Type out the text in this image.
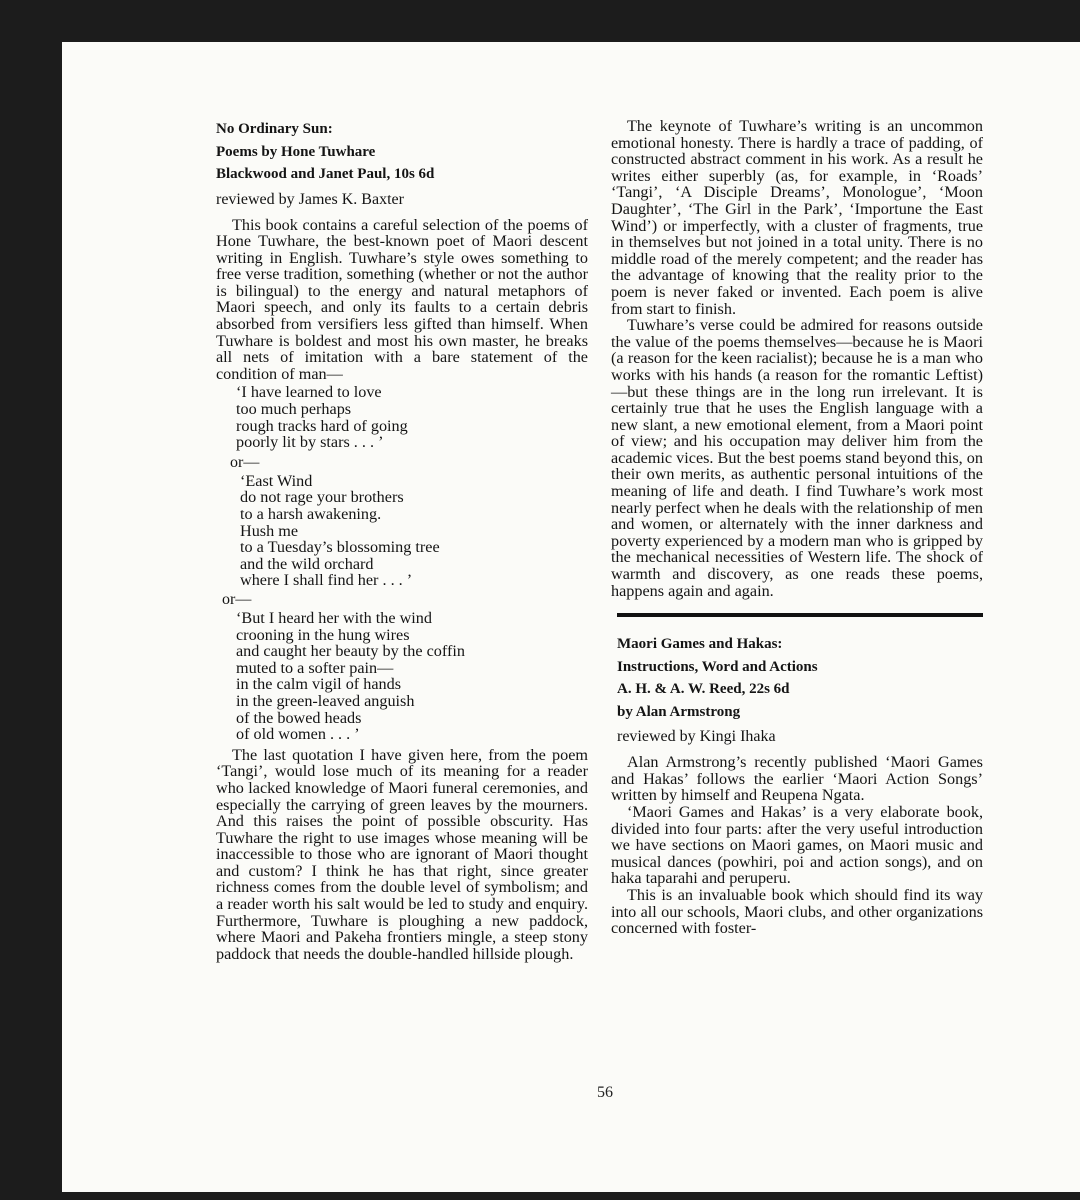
No Ordinary Sun:
Poems by Hone Tuwhare
Blackwood and Janet Paul, 10s 6d
reviewed by James K. Baxter

This book contains a careful selection of the poems of Hone Tuwhare, the best-known poet of Maori descent writing in English. Tuwhare’s style owes something to free verse tradition, something (whether or not the author is bilingual) to the energy and natural metaphors of Maori speech, and only its faults to a certain debris absorbed from versifiers less gifted than himself. When Tuwhare is boldest and most his own master, he breaks all nets of imitation with a bare statement of the condition of man—

‘I have learned to love
too much perhaps
rough tracks hard of going
poorly lit by stars . . . ’
or—
‘East Wind
do not rage your brothers
to a harsh awakening.
Hush me
to a Tuesday’s blossoming tree
and the wild orchard
where I shall find her . . . ’
or—
‘But I heard her with the wind
crooning in the hung wires
and caught her beauty by the coffin
muted to a softer pain—
in the calm vigil of hands
in the green-leaved anguish
of the bowed heads
of old women . . . ’

The last quotation I have given here, from the poem ‘Tangi’, would lose much of its meaning for a reader who lacked knowledge of Maori funeral ceremonies, and especially the carrying of green leaves by the mourners. And this raises the point of possible obscurity. Has Tuwhare the right to use images whose meaning will be inaccessible to those who are ignorant of Maori thought and custom? I think he has that right, since greater richness comes from the double level of symbolism; and a reader worth his salt would be led to study and enquiry. Furthermore, Tuwhare is ploughing a new paddock, where Maori and Pakeha frontiers mingle, a steep stony paddock that needs the double-handled hillside plough.

The keynote of Tuwhare’s writing is an uncommon emotional honesty. There is hardly a trace of padding, of constructed abstract comment in his work. As a result he writes either superbly (as, for example, in ‘Roads’ ‘Tangi’, ‘A Disciple Dreams’, Monologue’, ‘Moon Daughter’, ‘The Girl in the Park’, ‘Importune the East Wind’) or imperfectly, with a cluster of fragments, true in themselves but not joined in a total unity. There is no middle road of the merely competent; and the reader has the advantage of knowing that the reality prior to the poem is never faked or invented. Each poem is alive from start to finish.

Tuwhare’s verse could be admired for reasons outside the value of the poems themselves—because he is Maori (a reason for the keen racialist); because he is a man who works with his hands (a reason for the romantic Leftist)—but these things are in the long run irrelevant. It is certainly true that he uses the English language with a new slant, a new emotional element, from a Maori point of view; and his occupation may deliver him from the academic vices. But the best poems stand beyond this, on their own merits, as authentic personal intuitions of the meaning of life and death. I find Tuwhare’s work most nearly perfect when he deals with the relationship of men and women, or alternately with the inner darkness and poverty experienced by a modern man who is gripped by the mechanical necessities of Western life. The shock of warmth and discovery, as one reads these poems, happens again and again.

Maori Games and Hakas:
Instructions, Word and Actions
A. H. & A. W. Reed, 22s 6d
by Alan Armstrong
reviewed by Kingi Ihaka

Alan Armstrong’s recently published ‘Maori Games and Hakas’ follows the earlier ‘Maori Action Songs’ written by himself and Reupena Ngata.

‘Maori Games and Hakas’ is a very elaborate book, divided into four parts: after the very useful introduction we have sections on Maori games, on Maori music and musical dances (powhiri, poi and action songs), and on haka taparahi and peruperu.

This is an invaluable book which should find its way into all our schools, Maori clubs, and other organizations concerned with foster-

56
